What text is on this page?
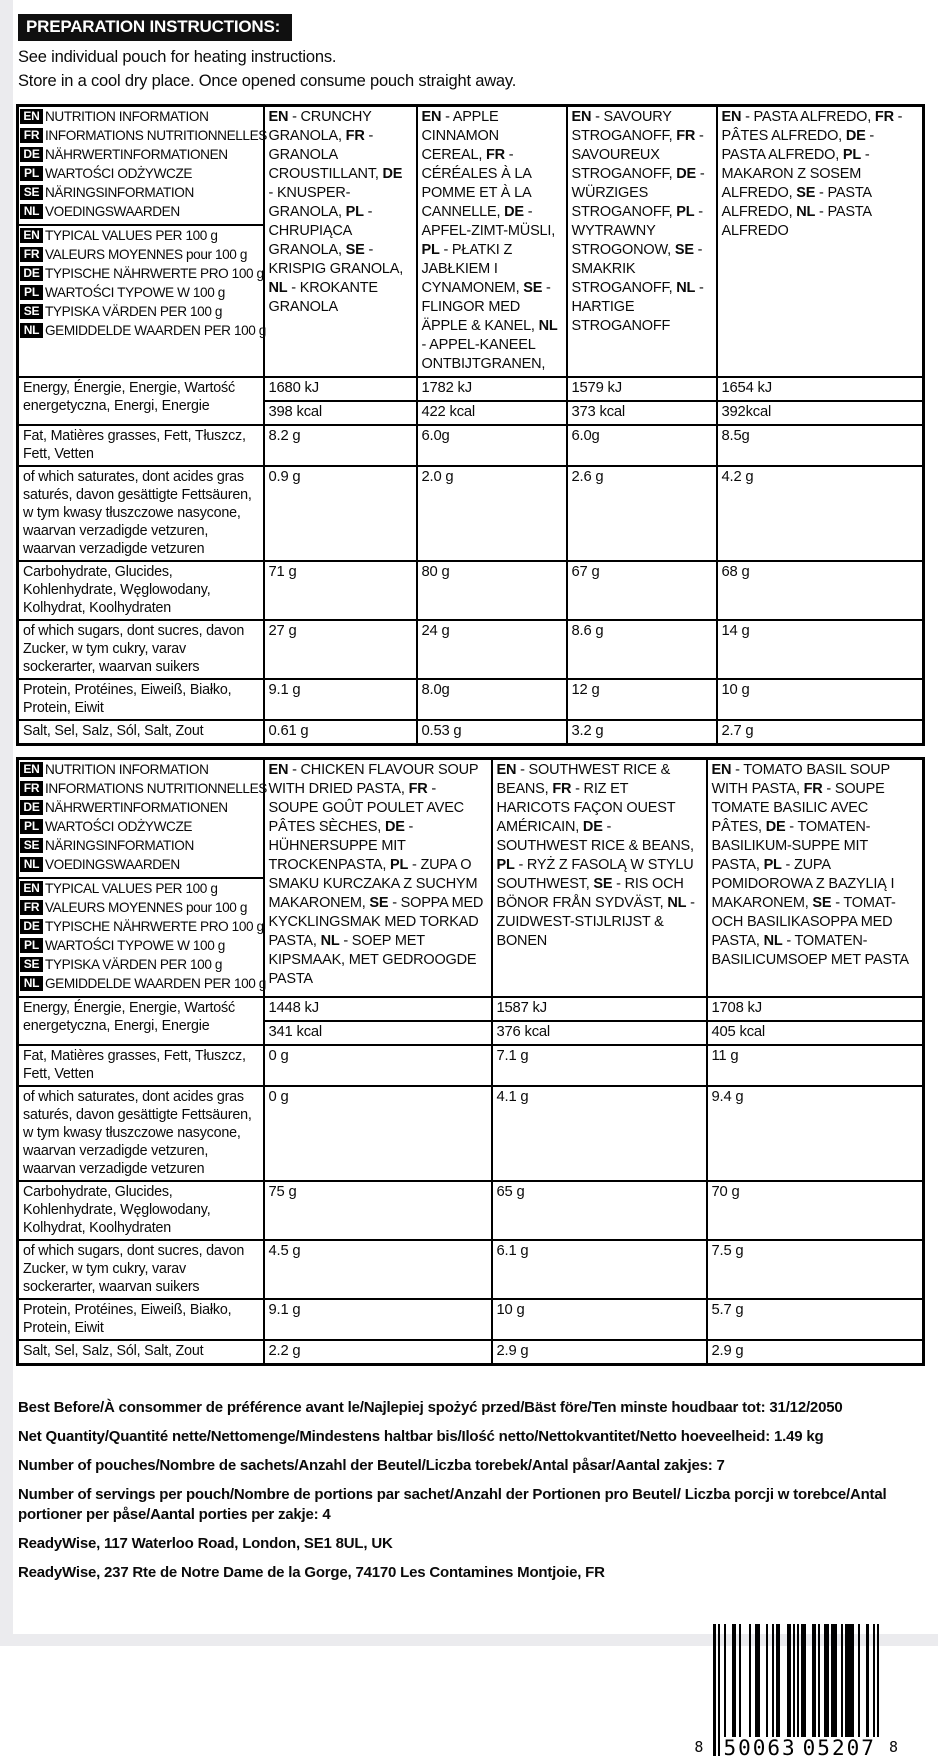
PREPARATION INSTRUCTIONS:
See individual pouch for heating instructions.
Store in a cool dry place. Once opened consume pouch straight away.
EN NUTRITION INFORMATION
FR INFORMATIONS NUTRITIONNELLES
DE NÄHRWERTINFORMATIONEN
PL WARTOŚCI ODŻYWCZE
SE NÄRINGSINFORMATION
NL VOEDINGSWAARDEN
EN TYPICAL VALUES PER 100 g
FR VALEURS MOYENNES pour 100 g
DE TYPISCHE NÄHRWERTE PRO 100 g
PL WARTOŚCI TYPOWE W 100 g
SE TYPISKA VÄRDEN PER 100 g
NL GEMIDDELDE WAARDEN PER 100 g
	EN - CRUNCHY GRANOLA, FR - GRANOLA CROUSTILLANT, DE - KNUSPER-GRANOLA, PL - CHRUPIĄCA GRANOLA, SE - KRISPIG GRANOLA, NL - KROKANTE GRANOLA	EN - APPLE CINNAMON CEREAL, FR - CÉRÉALES À LA POMME ET À LA CANNELLE, DE - APFEL-ZIMT-MÜSLI, PL - PŁATKI Z JABŁKIEM I CYNAMONEM, SE - FLINGOR MED ÄPPLE & KANEL, NL - APPEL-KANEEL ONTBIJTGRANEN,	EN - SAVOURY STROGANOFF, FR - SAVOUREUX STROGANOFF, DE - WÜRZIGES STROGANOFF, PL - WYTRAWNY STROGONOW, SE - SMAKRIK STROGANOFF, NL - HARTIGE STROGANOFF	EN - PASTA ALFREDO, FR - PÂTES ALFREDO, DE - PASTA ALFREDO, PL - MAKARON Z SOSEM ALFREDO, SE - PASTA ALFREDO, NL - PASTA ALFREDO
Energy, Énergie, Energie, Wartość energetyczna, Energi, Energie	1680 kJ	1782 kJ	1579 kJ	1654 kJ
	398 kcal	422 kcal	373 kcal	392kcal
Fat, Matières grasses, Fett, Tłuszcz, Fett, Vetten	8.2 g	6.0g	6.0g	8.5g
of which saturates, dont acides gras saturés, davon gesättigte Fettsäuren, w tym kwasy tłuszczowe nasycone, waarvan verzadigde vetzuren, waarvan verzadigde vetzuren	0.9 g	2.0 g	2.6 g	4.2 g
Carbohydrate, Glucides, Kohlenhydrate, Węglowodany, Kolhydrat, Koolhydraten	71 g	80 g	67 g	68 g
of which sugars, dont sucres, davon Zucker, w tym cukry, varav sockerarter, waarvan suikers	27 g	24 g	8.6 g	14 g
Protein, Protéines, Eiweiß, Białko, Protein, Eiwit	9.1 g	8.0g	12 g	10 g
Salt, Sel, Salz, Sól, Salt, Zout	0.61 g	0.53 g	3.2 g	2.7 g
EN NUTRITION INFORMATION
FR INFORMATIONS NUTRITIONNELLES
DE NÄHRWERTINFORMATIONEN
PL WARTOŚCI ODŻYWCZE
SE NÄRINGSINFORMATION
NL VOEDINGSWAARDEN
EN TYPICAL VALUES PER 100 g
FR VALEURS MOYENNES pour 100 g
DE TYPISCHE NÄHRWERTE PRO 100 g
PL WARTOŚCI TYPOWE W 100 g
SE TYPISKA VÄRDEN PER 100 g
NL GEMIDDELDE WAARDEN PER 100 g
	EN - CHICKEN FLAVOUR SOUP WITH DRIED PASTA, FR - SOUPE GOÛT POULET AVEC PÂTES SÈCHES, DE - HÜHNERSUPPE MIT TROCKENPASTA, PL - ZUPA O SMAKU KURCZAKA Z SUCHYM MAKARONEM, SE - SOPPA MED KYCKLINGSMAK MED TORKAD PASTA, NL - SOEP MET KIPSMAAK, MET GEDROOGDE PASTA	EN - SOUTHWEST RICE & BEANS, FR - RIZ ET HARICOTS FAÇON OUEST AMÉRICAIN, DE - SOUTHWEST RICE & BEANS, PL - RYŻ Z FASOLĄ W STYLU SOUTHWEST, SE - RIS OCH BÖNOR FRÅN SYDVÄST, NL - ZUIDWEST-STIJLRIJST & BONEN	EN - TOMATO BASIL SOUP WITH PASTA, FR - SOUPE TOMATE BASILIC AVEC PÂTES, DE - TOMATEN-BASILIKUM-SUPPE MIT PASTA, PL - ZUPA POMIDOROWA Z BAZYLIĄ I MAKARONEM, SE - TOMAT- OCH BASILIKASOPPA MED PASTA, NL - TOMATEN-BASILICUMSOEP MET PASTA
Energy, Énergie, Energie, Wartość energetyczna, Energi, Energie	1448 kJ	1587 kJ	1708 kJ
	341 kcal	376 kcal	405 kcal
Fat, Matières grasses, Fett, Tłuszcz, Fett, Vetten	0 g	7.1 g	11 g
of which saturates, dont acides gras saturés, davon gesättigte Fettsäuren, w tym kwasy tłuszczowe nasycone, waarvan verzadigde vetzuren, waarvan verzadigde vetzuren	0 g	4.1 g	9.4 g
Carbohydrate, Glucides, Kohlenhydrate, Węglowodany, Kolhydrat, Koolhydraten	75 g	65 g	70 g
of which sugars, dont sucres, davon Zucker, w tym cukry, varav sockerarter, waarvan suikers	4.5 g	6.1 g	7.5 g
Protein, Protéines, Eiweiß, Białko, Protein, Eiwit	9.1 g	10 g	5.7 g
Salt, Sel, Salz, Sól, Salt, Zout	2.2 g	2.9 g	2.9 g

Best Before/À consommer de préférence avant le/Najlepiej spożyć przed/Bäst före/Ten minste houdbaar tot: 31/12/2050

Net Quantity/Quantité nette/Nettomenge/Mindestens haltbar bis/Ilość netto/Nettokvantitet/Netto hoeveelheid: 1.49 kg

Number of pouches/Nombre de sachets/Anzahl der Beutel/Liczba torebek/Antal påsar/Aantal zakjes: 7

Number of servings per pouch/Nombre de portions par sachet/Anzahl der Portionen pro Beutel/ Liczba porcji w torebce/Antal portioner per påse/Aantal porties per zakje: 4

ReadyWise, 117 Waterloo Road, London, SE1 8UL, UK

ReadyWise, 237 Rte de Notre Dame de la Gorge, 74170 Les Contamines Montjoie, FR

8 50063 05207 8
